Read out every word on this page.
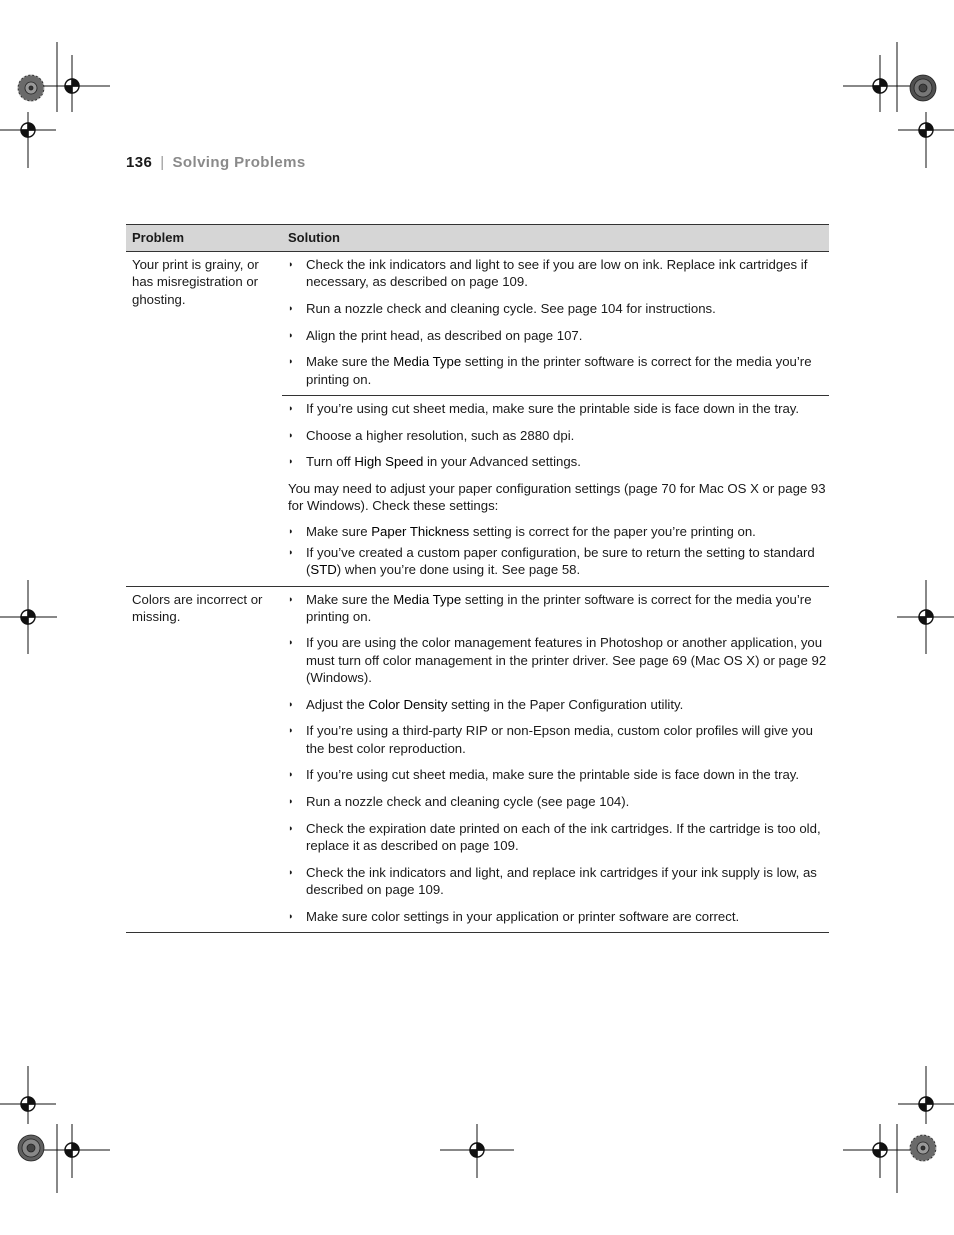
136 | Solving Problems
Problem	Solution
Your print is grainy, or has misregistration or ghosting.
◗ Check the ink indicators and light to see if you are low on ink. Replace ink cartridges if necessary, as described on page 109.
◗ Run a nozzle check and cleaning cycle. See page 104 for instructions.
◗ Align the print head, as described on page 107.
◗ Make sure the Media Type setting in the printer software is correct for the media you’re printing on.
◗ If you’re using cut sheet media, make sure the printable side is face down in the tray.
◗ Choose a higher resolution, such as 2880 dpi.
◗ Turn off High Speed in your Advanced settings.
You may need to adjust your paper configuration settings (page 70 for Mac OS X or page 93 for Windows). Check these settings:
◗ Make sure Paper Thickness setting is correct for the paper you’re printing on.
◗ If you’ve created a custom paper configuration, be sure to return the setting to standard (STD) when you’re done using it. See page 58.
Colors are incorrect or missing.
◗ Make sure the Media Type setting in the printer software is correct for the media you’re printing on.
◗ If you are using the color management features in Photoshop or another application, you must turn off color management in the printer driver. See page 69 (Mac OS X) or page 92 (Windows).
◗ Adjust the Color Density setting in the Paper Configuration utility.
◗ If you’re using a third-party RIP or non-Epson media, custom color profiles will give you the best color reproduction.
◗ If you’re using cut sheet media, make sure the printable side is face down in the tray.
◗ Run a nozzle check and cleaning cycle (see page 104).
◗ Check the expiration date printed on each of the ink cartridges. If the cartridge is too old, replace it as described on page 109.
◗ Check the ink indicators and light, and replace ink cartridges if your ink supply is low, as described on page 109.
◗ Make sure color settings in your application or printer software are correct.
